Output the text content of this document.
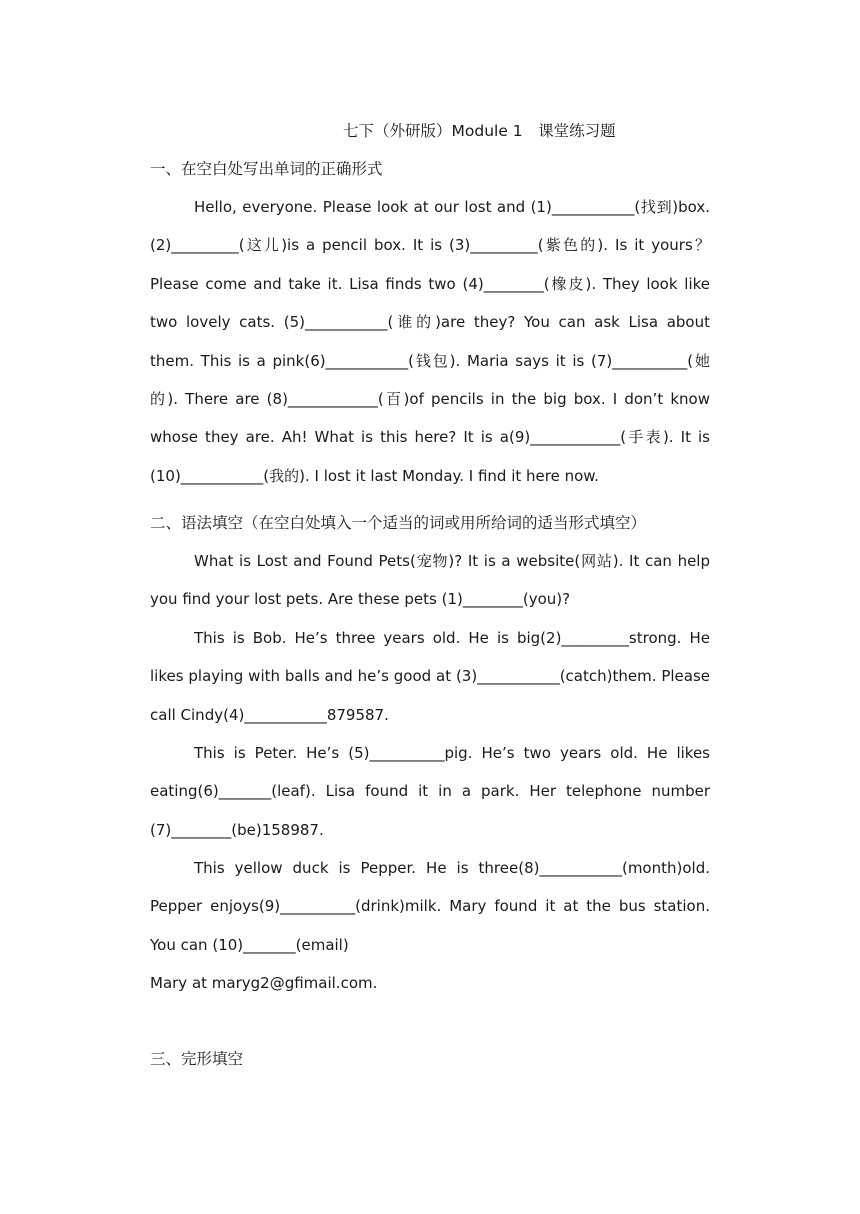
七下（外研版）Module 1　课堂练习题
一、在空白处写出单词的正确形式

Hello, everyone. Please look at our lost and (1)___________(找到)box. (2)_________(这儿)is a pencil box. It is (3)_________(紫色的). Is it yours？Please come and take it. Lisa finds two (4)________(橡皮). They look like two lovely cats. (5)___________(谁的)are they? You can ask Lisa about them. This is a pink(6)___________(钱包). Maria says it is (7)__________(她的). There are (8)____________(百)of pencils in the big box. I don’t know whose they are. Ah! What is this here? It is a(9)____________(手表). It is (10)___________(我的). I lost it last Monday. I find it here now.

二、语法填空（在空白处填入一个适当的词或用所给词的适当形式填空）

What is Lost and Found Pets(宠物)? It is a website(网站). It can help you find your lost pets. Are these pets (1)________(you)?

This is Bob. He’s three years old. He is big(2)_________strong. He likes playing with balls and he’s good at (3)___________(catch)them. Please call Cindy(4)___________879587.

This is Peter. He’s (5)__________pig. He’s two years old. He likes eating(6)_______(leaf). Lisa found it in a park. Her telephone number (7)________(be)158987.

This yellow duck is Pepper. He is three(8)___________(month)old. Pepper enjoys(9)__________(drink)milk. Mary found it at the bus station. You can (10)_______(email)

Mary at maryg2@gfimail.com.
三、完形填空
